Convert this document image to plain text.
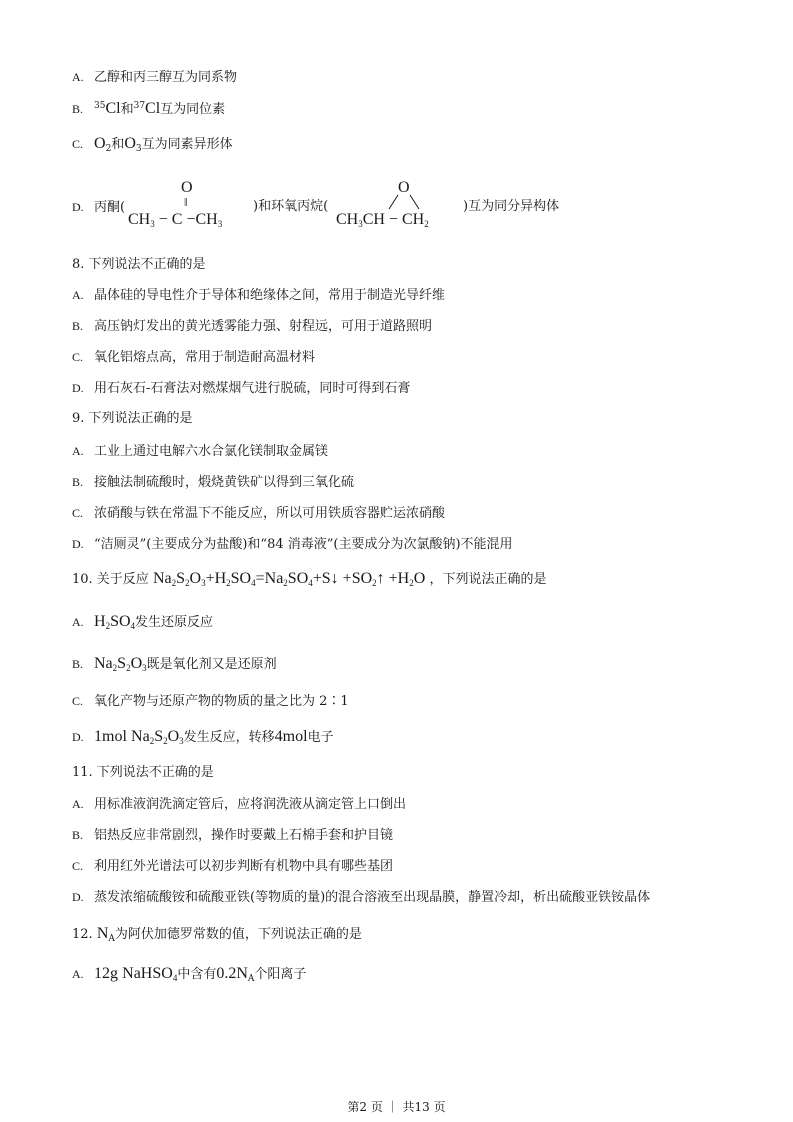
A. 乙醇和丙三醇互为同系物
B. $^{35}$Cl和$^{37}$Cl互为同位素
C. $O_2$和$O_3$互为同素异形体
D. 丙酮(
O
‖
$CH_3 - C -CH_3$
)和环氧丙烷(
O
$CH_3CH - CH_2$
)互为同分异构体
8. 下列说法不正确的是
A. 晶体硅的导电性介于导体和绝缘体之间，常用于制造光导纤维
B. 高压钠灯发出的黄光透雾能力强、射程远，可用于道路照明
C. 氧化铝熔点高，常用于制造耐高温材料
D. 用石灰石-石膏法对燃煤烟气进行脱硫，同时可得到石膏
9. 下列说法正确的是
A. 工业上通过电解六水合氯化镁制取金属镁
B. 接触法制硫酸时，煅烧黄铁矿以得到三氧化硫
C. 浓硝酸与铁在常温下不能反应，所以可用铁质容器贮运浓硝酸
D. “洁厕灵”(主要成分为盐酸)和“84 消毒液”(主要成分为次氯酸钠)不能混用
10. 关于反应 $Na_2S_2O_3+H_2SO_4=Na_2SO_4+S↓$ $+SO_2↑ +H_2O$ ，下列说法正确的是
A. $H_2SO_4$发生还原反应
B. $Na_2S_2O_3$既是氧化剂又是还原剂
C. 氧化产物与还原产物的物质的量之比为 2∶1
D. 1mol $Na_2S_2O_3$发生反应，转移4mol电子
11. 下列说法不正确的是
A. 用标准液润洗滴定管后，应将润洗液从滴定管上口倒出
B. 铝热反应非常剧烈，操作时要戴上石棉手套和护目镜
C. 利用红外光谱法可以初步判断有机物中具有哪些基团
D. 蒸发浓缩硫酸铵和硫酸亚铁(等物质的量)的混合溶液至出现晶膜，静置冷却，析出硫酸亚铁铵晶体
12. $N_A$为阿伏加德罗常数的值，下列说法正确的是
A. 12g NaHSO$_4$中含有$0.2N_A$个阳离子
第2 页 ｜ 共13 页
